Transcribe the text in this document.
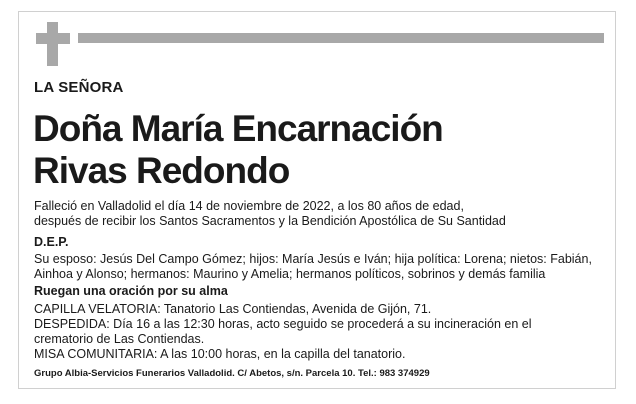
LA SEÑORA
Doña María Encarnación
Rivas Redondo
Falleció en Valladolid el día 14 de noviembre de 2022, a los 80 años de edad,
después de recibir los Santos Sacramentos y la Bendición Apostólica de Su Santidad
D.E.P.
Su esposo: Jesús Del Campo Gómez; hijos: María Jesús e Iván; hija política: Lorena; nietos: Fabián,
Ainhoa y Alonso; hermanos: Maurino y Amelia; hermanos políticos, sobrinos y demás familia
Ruegan una oración por su alma
CAPILLA VELATORIA: Tanatorio Las Contiendas, Avenida de Gijón, 71.
DESPEDIDA: Día 16 a las 12:30 horas, acto seguido se procederá a su incineración en el
crematorio de Las Contiendas.
MISA COMUNITARIA: A las 10:00 horas, en la capilla del tanatorio.
Grupo Albia-Servicios Funerarios Valladolid. C/ Abetos, s/n. Parcela 10. Tel.: 983 374929
